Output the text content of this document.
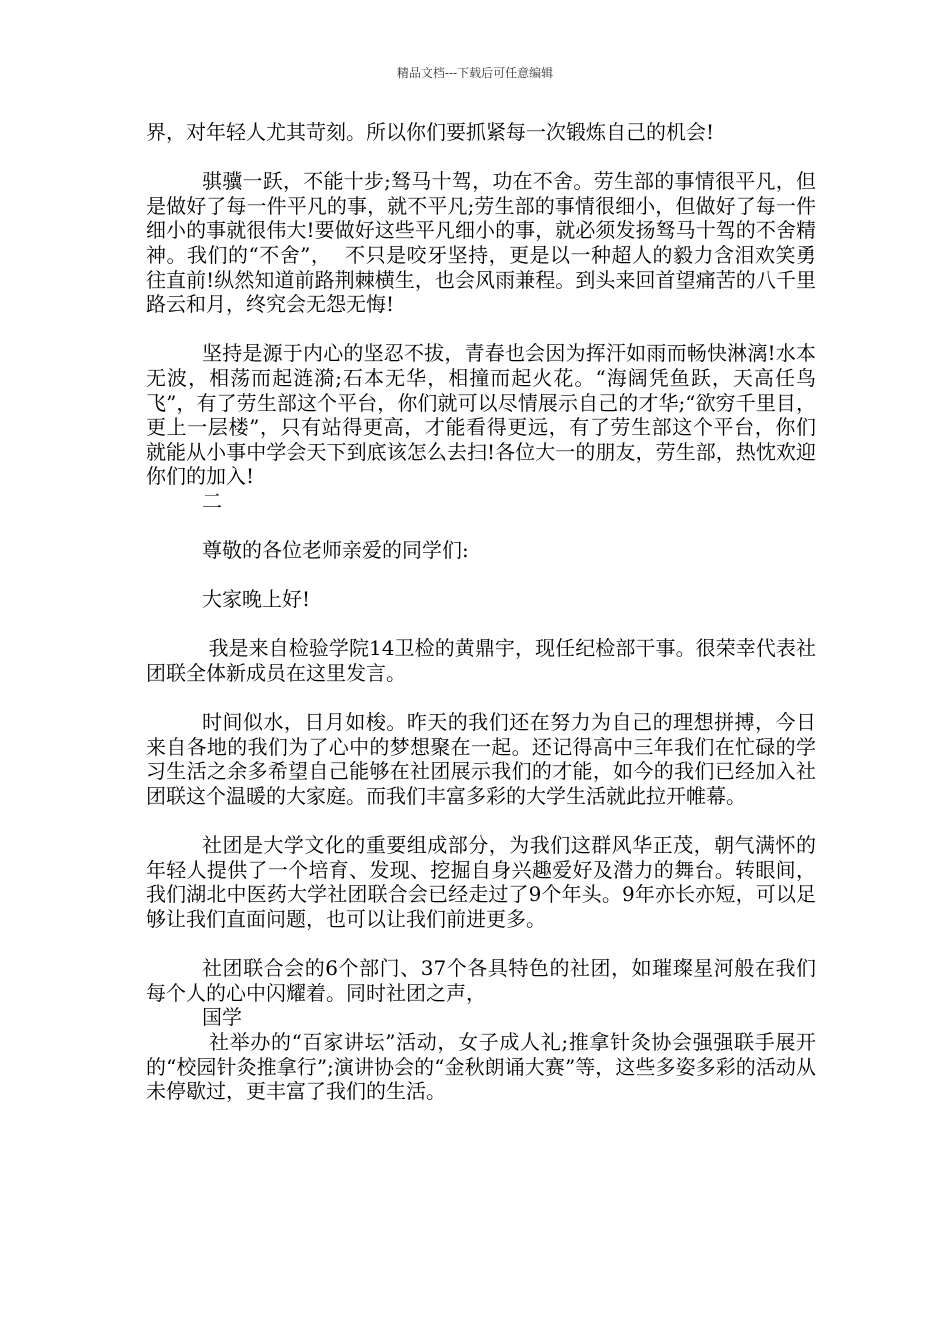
精品文档---下载后可任意编辑

界，对年轻人尤其苛刻。所以你们要抓紧每一次锻炼自己的机会!

骐骥一跃，不能十步;驽马十驾，功在不舍。劳生部的事情很平凡，但是做好了每一件平凡的事，就不平凡;劳生部的事情很细小，但做好了每一件细小的事就很伟大!要做好这些平凡细小的事，就必须发扬驽马十驾的不舍精神。我们的“不舍”，  不只是咬牙坚持，更是以一种超人的毅力含泪欢笑勇往直前!纵然知道前路荆棘横生，也会风雨兼程。到头来回首望痛苦的八千里路云和月，终究会无怨无悔!

坚持是源于内心的坚忍不拔，青春也会因为挥汗如雨而畅快淋漓!水本无波，相荡而起涟漪;石本无华，相撞而起火花。“海阔凭鱼跃，天高任鸟飞”，有了劳生部这个平台，你们就可以尽情展示自己的才华;“欲穷千里目，更上一层楼”，只有站得更高，才能看得更远，有了劳生部这个平台，你们就能从小事中学会天下到底该怎么去扫!各位大一的朋友，劳生部，热忱欢迎你们的加入!

二

尊敬的各位老师亲爱的同学们:

大家晚上好!

我是来自检验学院14卫检的黄鼎宇，现任纪检部干事。很荣幸代表社团联全体新成员在这里发言。

时间似水，日月如梭。昨天的我们还在努力为自己的理想拼搏，今日来自各地的我们为了心中的梦想聚在一起。还记得高中三年我们在忙碌的学习生活之余多希望自己能够在社团展示我们的才能，如今的我们已经加入社团联这个温暖的大家庭。而我们丰富多彩的大学生活就此拉开帷幕。

社团是大学文化的重要组成部分，为我们这群风华正茂，朝气满怀的年轻人提供了一个培育、发现、挖掘自身兴趣爱好及潜力的舞台。转眼间，我们湖北中医药大学社团联合会已经走过了9个年头。9年亦长亦短，可以足够让我们直面问题，也可以让我们前进更多。

社团联合会的6个部门、37个各具特色的社团，如璀璨星河般在我们每个人的心中闪耀着。同时社团之声，

国学

社举办的“百家讲坛”活动，女子成人礼;推拿针灸协会强强联手展开的“校园针灸推拿行”;演讲协会的“金秋朗诵大赛”等，这些多姿多彩的活动从未停歇过，更丰富了我们的生活。
